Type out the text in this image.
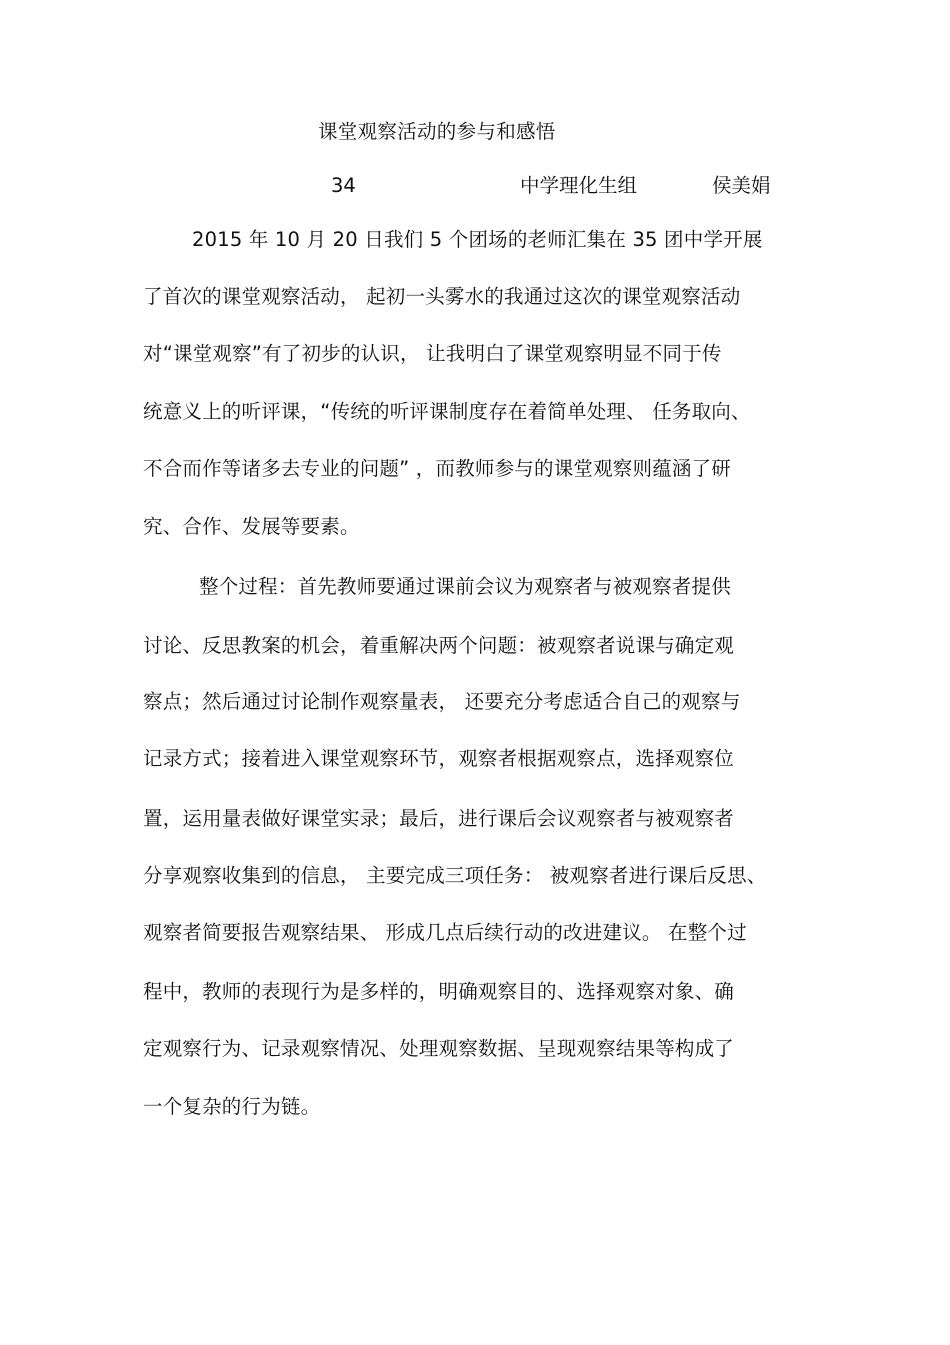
课堂观察活动的参与和感悟
34	中学理化生组	侯美娟
2015 年 10 月 20 日我们 5 个团场的老师汇集在 35 团中学开展
了首次的课堂观察活动， 起初一头雾水的我通过这次的课堂观察活动
对“课堂观察”有了初步的认识， 让我明白了课堂观察明显不同于传
统意义上的听评课，“传统的听评课制度存在着简单处理、 任务取向、
不合而作等诸多去专业的问题” ，而教师参与的课堂观察则蕴涵了研
究、合作、发展等要素。
整个过程：首先教师要通过课前会议为观察者与被观察者提供
讨论、反思教案的机会，着重解决两个问题：被观察者说课与确定观
察点；然后通过讨论制作观察量表， 还要充分考虑适合自己的观察与
记录方式；接着进入课堂观察环节，观察者根据观察点，选择观察位
置，运用量表做好课堂实录；最后，进行课后会议观察者与被观察者
分享观察收集到的信息， 主要完成三项任务： 被观察者进行课后反思、
观察者简要报告观察结果、 形成几点后续行动的改进建议。 在整个过
程中，教师的表现行为是多样的，明确观察目的、选择观察对象、确
定观察行为、记录观察情况、处理观察数据、呈现观察结果等构成了
一个复杂的行为链。
